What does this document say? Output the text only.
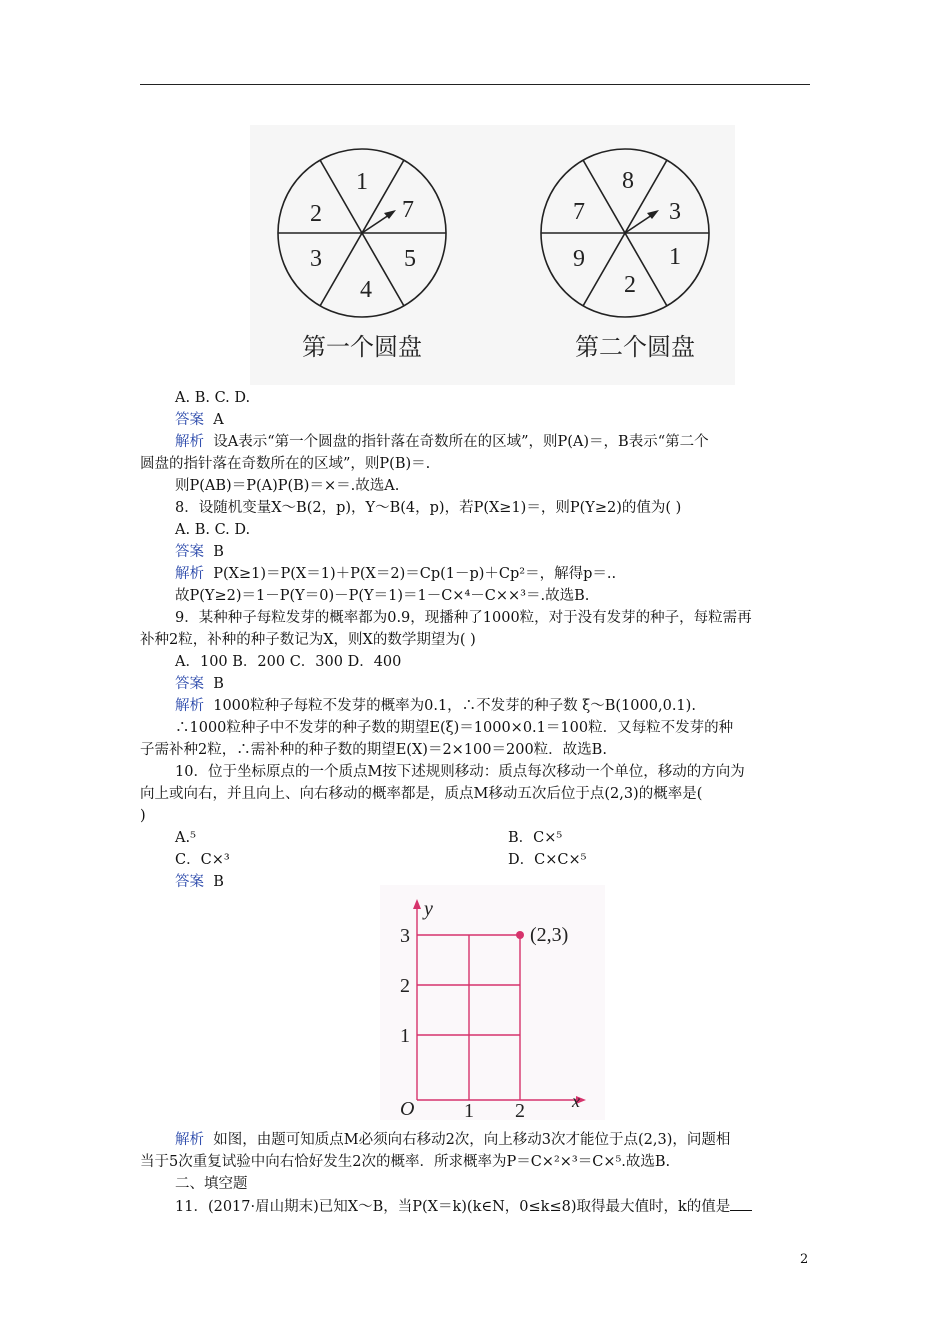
1
7
5
4
3
2
8
3
1
2
9
7
第一个圆盘	第二个圆盘
A. B. C. D.
答案 A
解析 设A表示“第一个圆盘的指针落在奇数所在的区域”，则P(A)＝，B表示“第二个
圆盘的指针落在奇数所在的区域”，则P(B)＝.
则P(AB)＝P(A)P(B)＝×＝.故选A.
8．设随机变量X～B(2，p)，Y～B(4，p)，若P(X≥1)＝，则P(Y≥2)的值为( )
A. B. C. D.
答案 B
解析 P(X≥1)＝P(X＝1)＋P(X＝2)＝Cp(1－p)＋Cp²＝，解得p＝..
故P(Y≥2)＝1－P(Y＝0)－P(Y＝1)＝1－C×⁴－C××³＝.故选B.
9．某种种子每粒发芽的概率都为0.9，现播种了1000粒，对于没有发芽的种子，每粒需再
补种2粒，补种的种子数记为X，则X的数学期望为( )
A．100 B．200 C．300 D．400
答案 B
解析 1000粒种子每粒不发芽的概率为0.1，∴不发芽的种子数 ξ～B(1000,0.1).
∴1000粒种子中不发芽的种子数的期望E(ξ)＝1000×0.1＝100粒．又每粒不发芽的种
子需补种2粒，∴需补种的种子数的期望E(X)＝2×100＝200粒．故选B.
10．位于坐标原点的一个质点M按下述规则移动：质点每次移动一个单位，移动的方向为
向上或向右，并且向上、向右移动的概率都是，质点M移动五次后位于点(2,3)的概率是(
)
A.⁵	B．C×⁵
C．C×³	D．C×C×⁵
答案 B
y
x
O 1 2
1
2
3	(2,3)
解析 如图，由题可知质点M必须向右移动2次，向上移动3次才能位于点(2,3)，问题相
当于5次重复试验中向右恰好发生2次的概率．所求概率为P＝C×²×³＝C×⁵.故选B.
二、填空题
11．(2017·眉山期末)已知X～B，当P(X＝k)(k∈N，0≤k≤8)取得最大值时，k的值是
2
